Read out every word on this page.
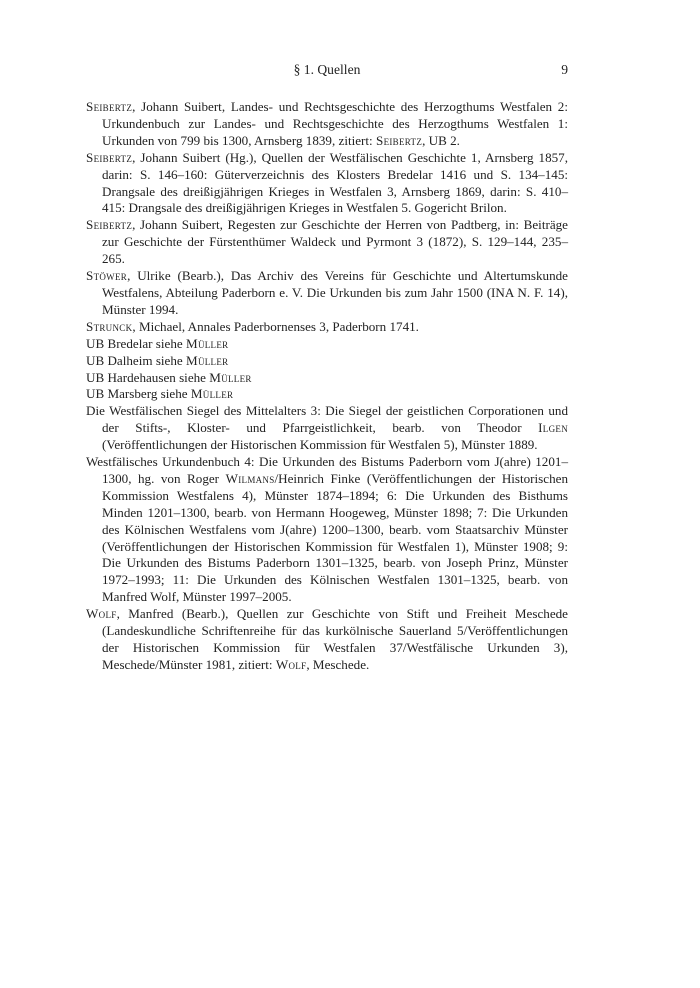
§ 1. Quellen	9

Seibertz, Johann Suibert, Landes- und Rechtsgeschichte des Herzogthums Westfalen 2: Urkundenbuch zur Landes- und Rechtsgeschichte des Herzogthums Westfalen 1: Urkunden von 799 bis 1300, Arnsberg 1839, zitiert: Seibertz, UB 2.

Seibertz, Johann Suibert (Hg.), Quellen der Westfälischen Geschichte 1, Arnsberg 1857, darin: S. 146–160: Güterverzeichnis des Klosters Bredelar 1416 und S. 134–145: Drangsale des dreißigjährigen Krieges in Westfalen 3, Arnsberg 1869, darin: S. 410–415: Drangsale des dreißigjährigen Krieges in Westfalen 5. Gogericht Brilon.

Seibertz, Johann Suibert, Regesten zur Geschichte der Herren von Padtberg, in: Beiträge zur Geschichte der Fürstenthümer Waldeck und Pyrmont 3 (1872), S. 129–144, 235–265.

Stöwer, Ulrike (Bearb.), Das Archiv des Vereins für Geschichte und Altertumskunde Westfalens, Abteilung Paderborn e. V. Die Urkunden bis zum Jahr 1500 (INA N. F. 14), Münster 1994.

Strunck, Michael, Annales Paderbornenses 3, Paderborn 1741.

UB Bredelar siehe Müller

UB Dalheim siehe Müller

UB Hardehausen siehe Müller

UB Marsberg siehe Müller

Die Westfälischen Siegel des Mittelalters 3: Die Siegel der geistlichen Corporationen und der Stifts-, Kloster- und Pfarrgeistlichkeit, bearb. von Theodor Ilgen (Veröffentlichungen der Historischen Kommission für Westfalen 5), Münster 1889.

Westfälisches Urkundenbuch 4: Die Urkunden des Bistums Paderborn vom J(ahre) 1201–1300, hg. von Roger Wilmans/Heinrich Finke (Veröffentlichungen der Historischen Kommission Westfalens 4), Münster 1874–1894; 6: Die Urkunden des Bisthums Minden 1201–1300, bearb. von Hermann Hoogeweg, Münster 1898; 7: Die Urkunden des Kölnischen Westfalens vom J(ahre) 1200–1300, bearb. vom Staatsarchiv Münster (Veröffentlichungen der Historischen Kommission für Westfalen 1), Münster 1908; 9: Die Urkunden des Bistums Paderborn 1301–1325, bearb. von Joseph Prinz, Münster 1972–1993; 11: Die Urkunden des Kölnischen Westfalen 1301–1325, bearb. von Manfred Wolf, Münster 1997–2005.

Wolf, Manfred (Bearb.), Quellen zur Geschichte von Stift und Freiheit Meschede (Landeskundliche Schriftenreihe für das kurkölnische Sauerland 5/Veröffentlichungen der Historischen Kommission für Westfalen 37/Westfälische Urkunden 3), Meschede/Münster 1981, zitiert: Wolf, Meschede.
